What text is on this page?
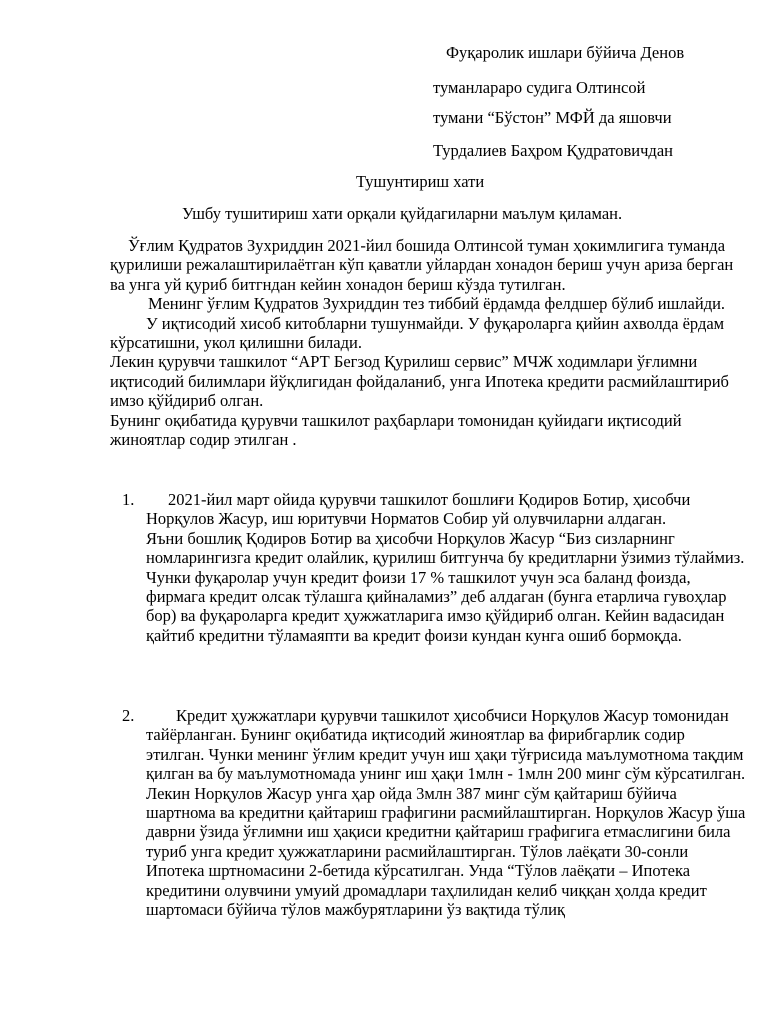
Фуқаролик ишлари бўйича Денов
туманлараро судига Олтинсой
тумани “Бўстон” МФЙ да яшовчи
Турдалиев Баҳром Қудратовичдан
Тушунтириш хати
Ушбу тушитириш хати орқали қуйдагиларни маълум қиламан.

Ўғлим Қудратов Зухриддин 2021-йил бошида Олтинсой туман ҳокимлигига туманда қурилиши режалаштирилаётган кўп қаватли уйлардан хонадон бериш учун ариза берган ва унга уй қуриб битгндан кейин хонадон бериш кўзда тутилган.

Менинг ўғлим Қудратов Зухриддин тез тиббий ёрдамда фелдшер бўлиб ишлайди.

У иқтисодий хисоб китобларни тушунмайди. У фуқароларга қийин ахволда ёрдам кўрсатишни, укол қилишни билади.

Лекин қурувчи ташкилот “АРТ Бегзод Қурилиш сервис” МЧЖ ходимлари ўғлимни иқтисодий билимлари йўқлигидан фойдаланиб, унга Ипотека кредити расмийлаштириб имзо қўйдириб олган.

Бунинг оқибатида қурувчи ташкилот раҳбарлари томонидан қуйидаги иқтисодий жиноятлар содир этилган .

1.	2021-йил март ойида қурувчи ташкилот бошлиғи Қодиров Ботир, ҳисобчи Норқулов Жасур, иш юритувчи Норматов Собир уй олувчиларни алдаган.

Яъни бошлиқ Қодиров Ботир ва ҳисобчи Норқулов Жасур “Биз сизларнинг номларингизга кредит олайлик, қурилиш битгунча бу кредитларни ўзимиз тўлаймиз.

Чунки фуқаролар учун кредит фоизи 17 % ташкилот учун эса баланд фоизда, фирмага кредит олсак тўлашга қийналамиз” деб алдаган (бунга етарлича гувоҳлар бор) ва фуқароларга кредит ҳужжатларига имзо қўйдириб олган. Кейин вадасидан қайтиб кредитни тўламаяпти ва кредит фоизи кундан кунга ошиб бормоқда.

2.	Кредит ҳужжатлари қурувчи ташкилот ҳисобчиси Норқулов Жасур томонидан тайёрланган. Бунинг оқибатида иқтисодий жиноятлар ва фирибгарлик содир этилган. Чунки менинг ўғлим кредит учун иш ҳақи тўғрисида маълумотнома тақдим қилган ва бу маълумотномада унинг иш ҳақи 1млн - 1млн 200 минг сўм кўрсатилган. Лекин Норқулов Жасур унга ҳар ойда 3млн 387 минг сўм қайтариш бўйича шартнома ва кредитни қайтариш графигини расмийлаштирган. Норқулов Жасур ўша даврни ўзида ўғлимни иш ҳақиси кредитни қайтариш графигига етмаслигини била туриб унга кредит ҳужжатларини расмийлаштирган. Тўлов лаёқати 30-сонли Ипотека шртномасини 2-бетида кўрсатилган. Унда “Тўлов лаёқати – Ипотека кредитини олувчини умуий дромадлари таҳлилидан келиб чиққан ҳолда кредит шартомаси бўйича тўлов мажбурятларини ўз вақтида тўлиқ
